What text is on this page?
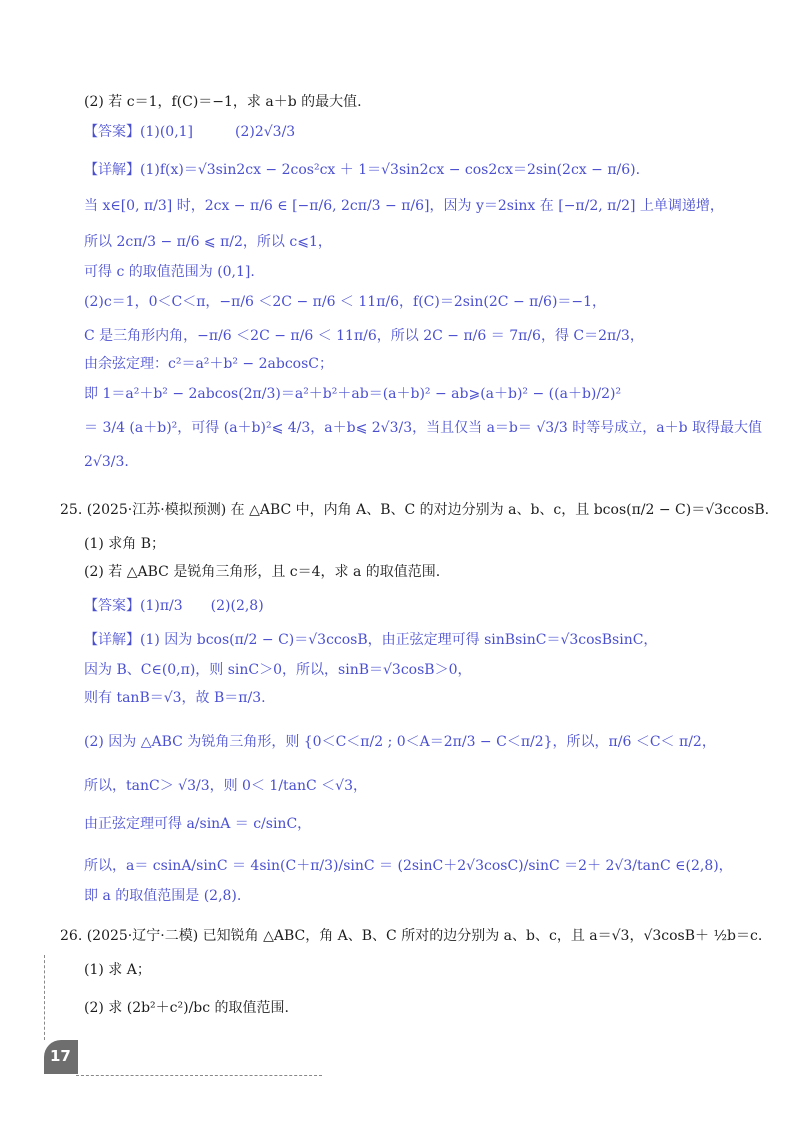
(2) 若 c＝1，f(C)＝−1，求 a＋b 的最大值.
【答案】(1)(0,1]　　　(2)2√3/3
【详解】(1)f(x)＝√3sin2cx − 2cos²cx ＋ 1＝√3sin2cx − cos2cx＝2sin(2cx − π/6).
当 x∈[0, π/3] 时，2cx − π/6 ∈ [−π/6, 2cπ/3 − π/6]，因为 y＝2sinx 在 [−π/2, π/2] 上单调递增，
所以 2cπ/3 − π/6 ⩽ π/2，所以 c⩽1，
可得 c 的取值范围为 (0,1].
(2)c＝1，0＜C＜π，−π/6 ＜2C − π/6 ＜ 11π/6，f(C)＝2sin(2C − π/6)＝−1，
C 是三角形内角，−π/6 ＜2C − π/6 ＜ 11π/6，所以 2C − π/6 ＝ 7π/6，得 C＝2π/3，
由余弦定理：c²＝a²＋b² − 2abcosC；
即 1＝a²＋b² − 2abcos(2π/3)＝a²＋b²＋ab＝(a＋b)² − ab⩾(a＋b)² − ((a＋b)/2)²
＝ 3/4 (a＋b)²，可得 (a＋b)²⩽ 4/3，a＋b⩽ 2√3/3，当且仅当 a＝b＝ √3/3 时等号成立，a＋b 取得最大值
2√3/3.
25. (2025·江苏·模拟预测) 在 △ABC 中，内角 A、B、C 的对边分别为 a、b、c，且 bcos(π/2 − C)＝√3ccosB.
(1) 求角 B；
(2) 若 △ABC 是锐角三角形，且 c＝4，求 a 的取值范围.
【答案】(1)π/3　　(2)(2,8)
【详解】(1) 因为 bcos(π/2 − C)＝√3ccosB，由正弦定理可得 sinBsinC＝√3cosBsinC，
因为 B、C∈(0,π)，则 sinC＞0，所以，sinB＝√3cosB＞0，
则有 tanB＝√3，故 B＝π/3.
(2) 因为 △ABC 为锐角三角形，则 {0＜C＜π/2 ; 0＜A＝2π/3 − C＜π/2}，所以，π/6 ＜C＜ π/2，
所以，tanC＞ √3/3，则 0＜ 1/tanC ＜√3，
由正弦定理可得 a/sinA ＝ c/sinC，
所以，a＝ csinA/sinC ＝ 4sin(C＋π/3)/sinC ＝ (2sinC＋2√3cosC)/sinC ＝2＋ 2√3/tanC ∈(2,8)，
即 a 的取值范围是 (2,8).
26. (2025·辽宁·二模) 已知锐角 △ABC，角 A、B、C 所对的边分别为 a、b、c，且 a＝√3，√3cosB＋ ½b＝c.
(1) 求 A；
(2) 求 (2b²＋c²)/bc 的取值范围.
17
